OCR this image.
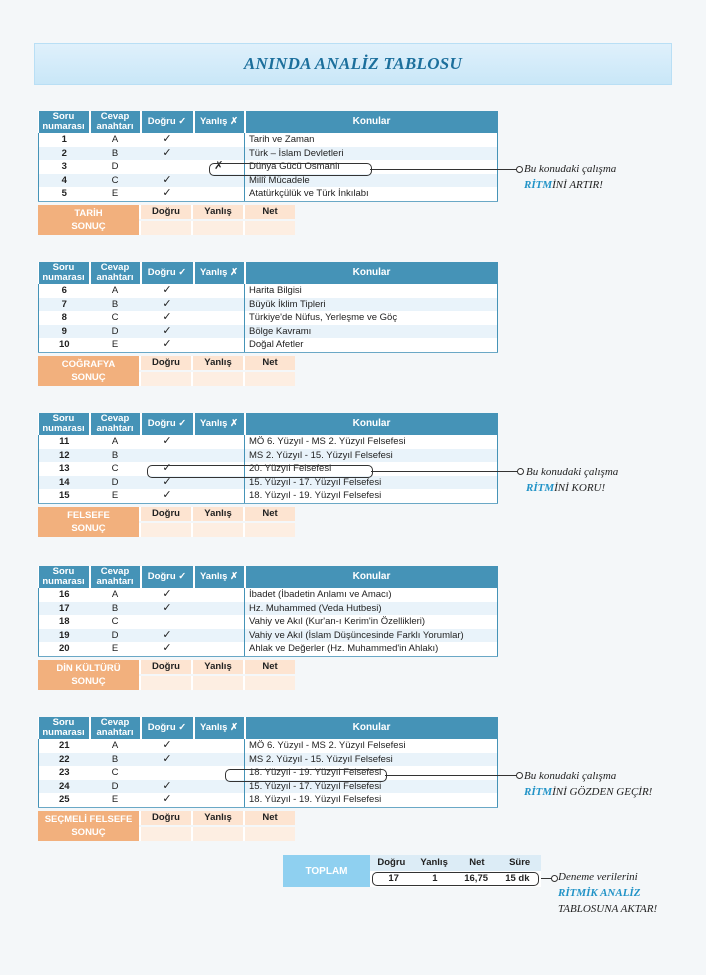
ANINDA ANALİZ TABLOSU
Soru numarası	Cevap anahtarı	Doğru ✓	Yanlış ✗	Konular
1	A	✓		Tarih ve Zaman
2	B	✓		Türk – İslam Devletleri
3	D		✗	Dünya Gücü Osmanlı
4	C	✓		Millî Mücadele
5	E	✓		Atatürkçülük ve Türk İnkılabı
TARİH
SONUÇ
Doğru	Yanlış	Net
Soru numarası	Cevap anahtarı	Doğru ✓	Yanlış ✗	Konular
6	A	✓		Harita Bilgisi
7	B	✓		Büyük İklim Tipleri
8	C	✓		Türkiye'de Nüfus, Yerleşme ve Göç
9	D	✓		Bölge Kavramı
10	E	✓		Doğal Afetler
COĞRAFYA
SONUÇ
Doğru	Yanlış	Net
Soru numarası	Cevap anahtarı	Doğru ✓	Yanlış ✗	Konular
11	A	✓		MÖ 6. Yüzyıl - MS 2. Yüzyıl Felsefesi
12	B			MS 2. Yüzyıl - 15. Yüzyıl Felsefesi
13	C	✓		20. Yüzyıl Felsefesi
14	D	✓		15. Yüzyıl - 17. Yüzyıl Felsefesi
15	E	✓		18. Yüzyıl - 19. Yüzyıl Felsefesi
FELSEFE
SONUÇ
Doğru	Yanlış	Net
Soru numarası	Cevap anahtarı	Doğru ✓	Yanlış ✗	Konular
16	A	✓		İbadet (İbadetin Anlamı ve Amacı)
17	B	✓		Hz. Muhammed (Veda Hutbesi)
18	C			Vahiy ve Akıl (Kur'an-ı Kerim'in Özellikleri)
19	D	✓		Vahiy ve Akıl (İslam Düşüncesinde Farklı Yorumlar)
20	E	✓		Ahlak ve Değerler (Hz. Muhammed'in Ahlakı)
DİN KÜLTÜRÜ
SONUÇ
Doğru	Yanlış	Net
Soru numarası	Cevap anahtarı	Doğru ✓	Yanlış ✗	Konular
21	A	✓		MÖ 6. Yüzyıl - MS 2. Yüzyıl Felsefesi
22	B	✓		MS 2. Yüzyıl - 15. Yüzyıl Felsefesi
23	C			18. Yüzyıl - 19. Yüzyıl Felsefesi
24	D	✓		15. Yüzyıl - 17. Yüzyıl Felsefesi
25	E	✓		18. Yüzyıl - 19. Yüzyıl Felsefesi
SEÇMELİ FELSEFE
SONUÇ
Doğru	Yanlış	Net
Bu konudaki çalışma
RİTMİNİ ARTIR!
Bu konudaki çalışma
RİTMİNİ KORU!
Bu konudaki çalışma
RİTMİNİ GÖZDEN GEÇİR!
TOPLAM
Doğru	Yanlış	Net	Süre
17	1	16,75	15 dk	Deneme verilerini
RİTMİK ANALİZ
TABLOSUNA AKTAR!
